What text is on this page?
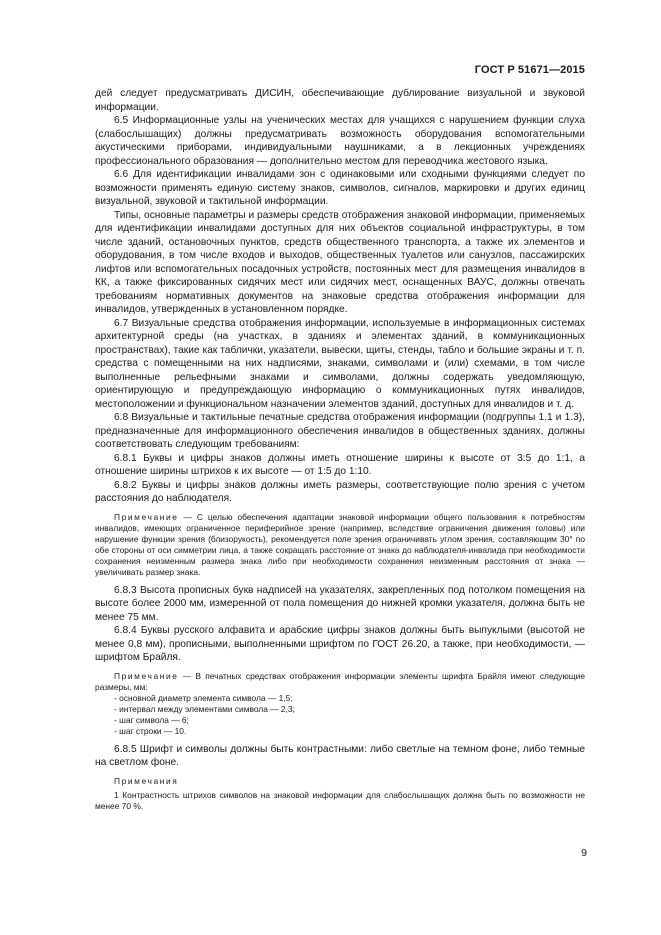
ГОСТ Р 51671—2015

дей следует предусматривать ДИСИН, обеспечивающие дублирование визуальной и звуковой информации.

6.5 Информационные узлы на ученических местах для учащихся с нарушением функции слуха (слабослышащих) должны предусматривать возможность оборудования вспомогательными акустическими приборами, индивидуальными наушниками, а в лекционных учреждениях профессионального образования — дополнительно местом для переводчика жестового языка.

6.6 Для идентификации инвалидами зон с одинаковыми или сходными функциями следует по возможности применять единую систему знаков, символов, сигналов, маркировки и других единиц визуальной, звуковой и тактильной информации.

Типы, основные параметры и размеры средств отображения знаковой информации, применяемых для идентификации инвалидами доступных для них объектов социальной инфраструктуры, в том числе зданий, остановочных пунктов, средств общественного транспорта, а также их элементов и оборудования, в том числе входов и выходов, общественных туалетов или санузлов, пассажирских лифтов или вспомогательных посадочных устройств, постоянных мест для размещения инвалидов в КК, а также фиксированных сидячих мест или сидячих мест, оснащенных ВАУС, должны отвечать требованиям нормативных документов на знаковые средства отображения информации для инвалидов, утвержденных в установленном порядке.

6.7 Визуальные средства отображения информации, используемые в информационных системах архитектурной среды (на участках, в зданиях и элементах зданий, в коммуникационных пространствах), такие как таблички, указатели, вывески, щиты, стенды, табло и большие экраны и т. п. средства с помещенными на них надписями, знаками, символами и (или) схемами, в том числе выполненные рельефными знаками и символами, должны содержать уведомляющую, ориентирующую и предупреждающую информацию о коммуникационных путях инвалидов, местоположении и функциональном назначении элементов зданий, доступных для инвалидов и т. д.

6.8 Визуальные и тактильные печатные средства отображения информации (подгруппы 1.1 и 1.3), предназначенные для информационного обеспечения инвалидов в общественных зданиях, должны соответствовать следующим требованиям:

6.8.1 Буквы и цифры знаков должны иметь отношение ширины к высоте от 3:5 до 1:1, а отношение ширины штрихов к их высоте — от 1:5 до 1:10.

6.8.2 Буквы и цифры знаков должны иметь размеры, соответствующие полю зрения с учетом расстояния до наблюдателя.

Примечание — С целью обеспечения адаптации знаковой информации общего пользования к потребностям инвалидов, имеющих ограниченное периферийное зрение (например, вследствие ограничения движения головы) или нарушение функции зрения (близорукость), рекомендуется поле зрения ограничивать углом зрения, составляющим 30° по обе стороны от оси симметрии лица, а также сокращать расстояние от знака до наблюдателя-инвалида при необходимости сохранения неизменным размера знака либо при необходимости сохранения неизменным расстояния от знака — увеличивать размер знака.

6.8.3 Высота прописных букв надписей на указателях, закрепленных под потолком помещения на высоте более 2000 мм, измеренной от пола помещения до нижней кромки указателя, должна быть не менее 75 мм.

6.8.4 Буквы русского алфавита и арабские цифры знаков должны быть выпуклыми (высотой не менее 0,8 мм), прописными, выполненными шрифтом по ГОСТ 26.20, а также, при необходимости, — шрифтом Брайля.

Примечание — В печатных средствах отображения информации элементы шрифта Брайля имеют следующие размеры, мм:

- основной диаметр элемента символа — 1,5;
- интервал между элементами символа — 2,3;
- шаг символа — 6;
- шаг строки — 10.

6.8.5 Шрифт и символы должны быть контрастными: либо светлые на темном фоне, либо темные на светлом фоне.

Примечания

1 Контрастность штрихов символов на знаковой информации для слабослышащих должна быть по возможности не менее 70 %.

9
